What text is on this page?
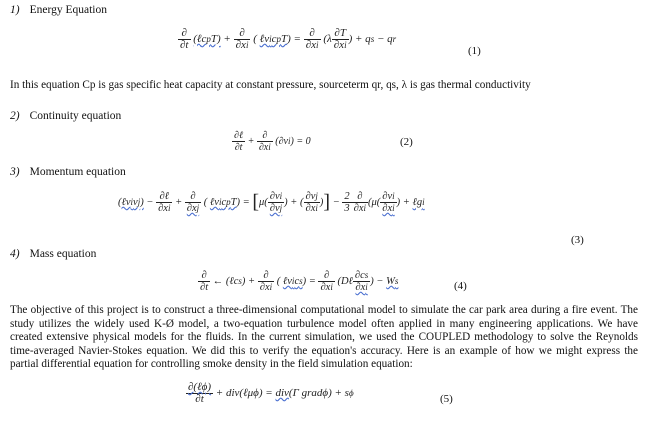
1) Energy Equation
$\frac{\partial}{\partial t}$ (ℓcpT) + $\frac{\partial}{\partial xi}$ ( ℓvicpT) = $\frac{\partial}{\partial xi} (\lambda \frac{\partial T}{\partial xi}$ ) + qs − qr
(1)
In this equation Cp is gas specific heat capacity at constant pressure, sourceterm qr, qs, λ is gas thermal conductivity
2) Continuity equation
$\frac{\text{∂ℓ}}{\partial t} + \frac{\partial}{\partial xi} (\partial vi) = 0$	(2)
3) Momentum equation
(ℓvivj) − $\frac{\text{∂ℓ}}{\partial xi} + \frac{\partial}{\partial xj}$ ( ℓvicpT) = [$\mu( \frac{\partial vi}{\partial vj}$ ) + ( $\frac{\partial vj}{\partial xi}$ )] − $\frac{2}{3} \frac{\partial}{\partial xi} (\mu( \frac{\partial vi}{\partial xi}$ ) + ℓgi
(3)
4) Mass equation
$\frac{\partial}{\partial t}$ ← (ℓcs) + $\frac{\partial}{\partial xi}$ ( ℓvics) = $\frac{\partial}{\partial xi}$ (Dℓ $\frac{\partial cs}{\partial xi}$ ) − Ws	(4)
The objective of this project is to construct a three-dimensional computational model to simulate the car park area during a fire event. The study utilizes the widely used K-Ø model, a two-equation turbulence model often applied in many engineering applications. We have created extensive physical models for the fluids. In the current simulation, we used the COUPLED methodology to solve the Reynolds time-averaged Navier-Stokes equation. We did this to verify the equation's accuracy. Here is an example of how we might express the partial differential equation for controlling smoke density in the field simulation equation:
$\frac{\text{∂(ℓϕ)}}{\partial t}$ + div(ℓμϕ) = div(Γ gradϕ) + sϕ	(5)
